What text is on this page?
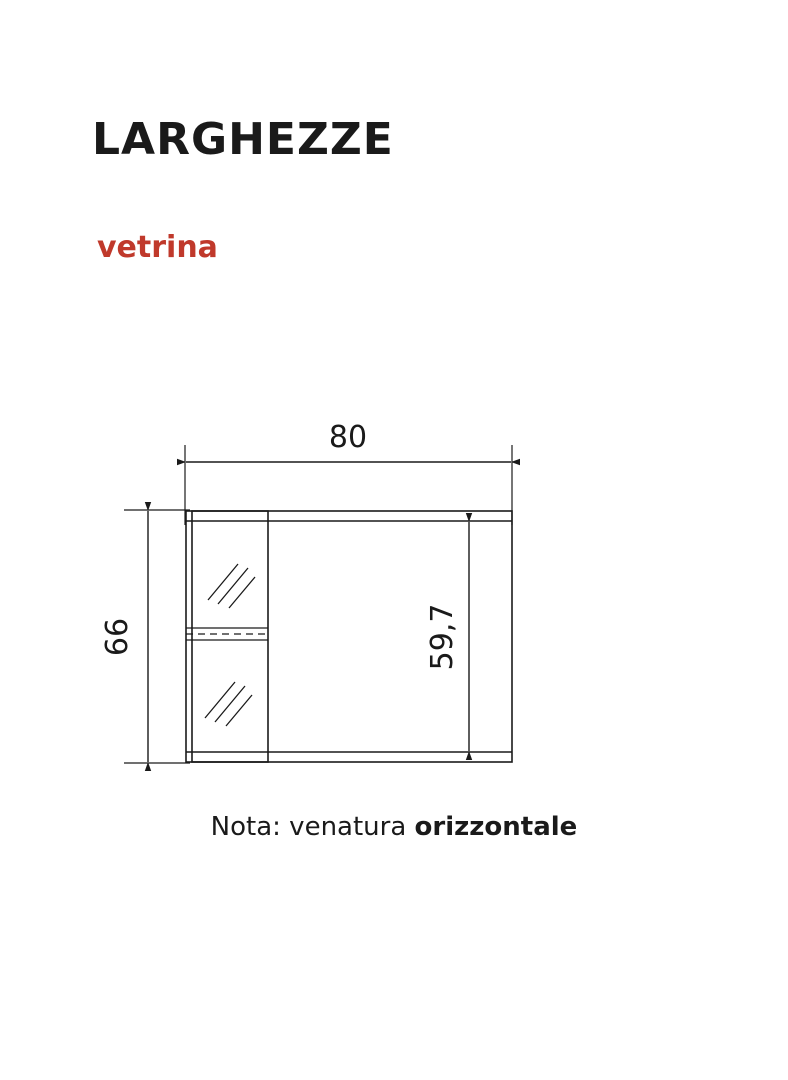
LARGHEZZE
vetrina
80
66	59,7
Nota: venatura orizzontale
